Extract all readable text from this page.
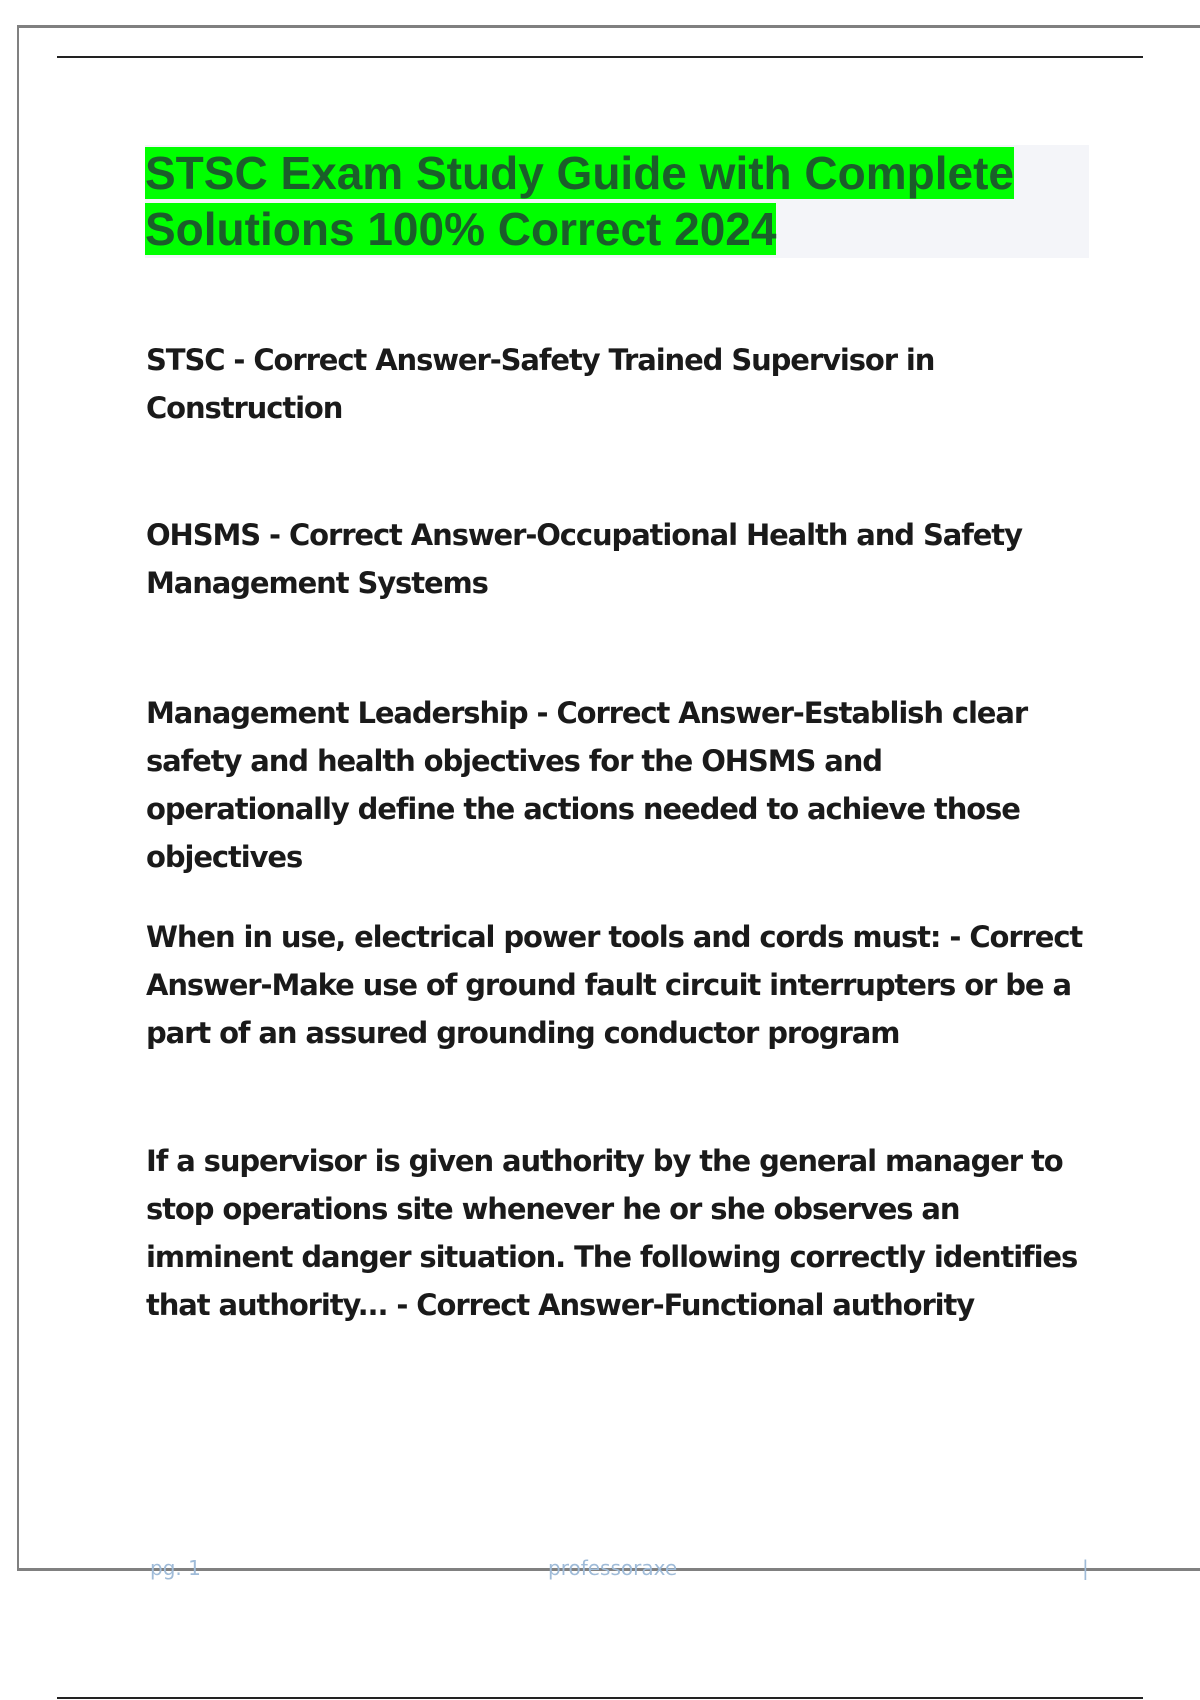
STSC Exam Study Guide with Complete Solutions 100% Correct 2024

STSC - Correct Answer-Safety Trained Supervisor in Construction

OHSMS - Correct Answer-Occupational Health and Safety Management Systems

Management Leadership - Correct Answer-Establish clear safety and health objectives for the OHSMS and operationally define the actions needed to achieve those objectives

When in use, electrical power tools and cords must: - Correct Answer-Make use of ground fault circuit interrupters or be a part of an assured grounding conductor program

If a supervisor is given authority by the general manager to stop operations site whenever he or she observes an imminent danger situation. The following correctly identifies that authority... - Correct Answer-Functional authority

pg. 1	professoraxe	|
